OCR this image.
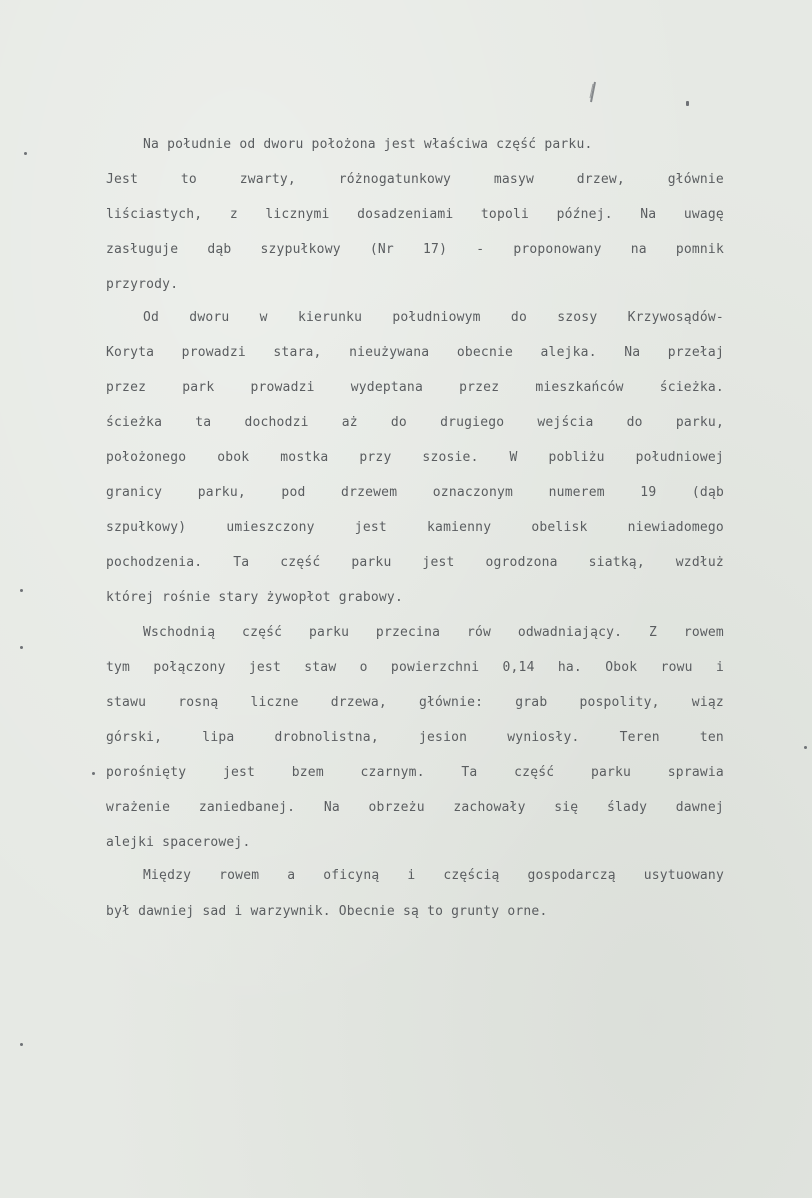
Na południe od dworu położona jest właściwa część parku.
Jest	to	zwarty,	różnogatunkowy	masyw	drzew,	głównie
liściastych, z licznymi dosadzeniami topoli późnej. Na uwagę
zasługuje dąb szypułkowy (Nr 17) - proponowany na pomnik
przyrody.
Od dworu w kierunku południowym do szosy Krzywosądów-
Koryta prowadzi stara, nieużywana obecnie alejka. Na przełaj
przez	park	prowadzi	wydeptana	przez	mieszkańców	ścieżka.
ścieżka	ta	dochodzi	aż	do	drugiego	wejścia	do	parku,
położonego obok mostka przy szosie. W pobliżu południowej
granicy	parku,	pod	drzewem	oznaczonym	numerem	19	(dąb
szpułkowy)	umieszczony	jest	kamienny	obelisk	niewiadomego
pochodzenia. Ta część parku jest ogrodzona siatką, wzdłuż
której rośnie stary żywopłot grabowy.
Wschodnią część parku przecina rów odwadniający. Z rowem
tym połączony jest staw o powierzchni 0,14 ha. Obok rowu i
stawu rosną liczne drzewa, głównie: grab pospolity, wiąz
górski,	lipa	drobnolistna,	jesion	wyniosły.	Teren	ten
porośnięty	jest	bzem	czarnym.	Ta	część	parku	sprawia
wrażenie zaniedbanej. Na obrzeżu zachowały się ślady dawnej
alejki spacerowej.
Między rowem a oficyną i częścią gospodarczą usytuowany
był dawniej sad i warzywnik. Obecnie są to grunty orne.
